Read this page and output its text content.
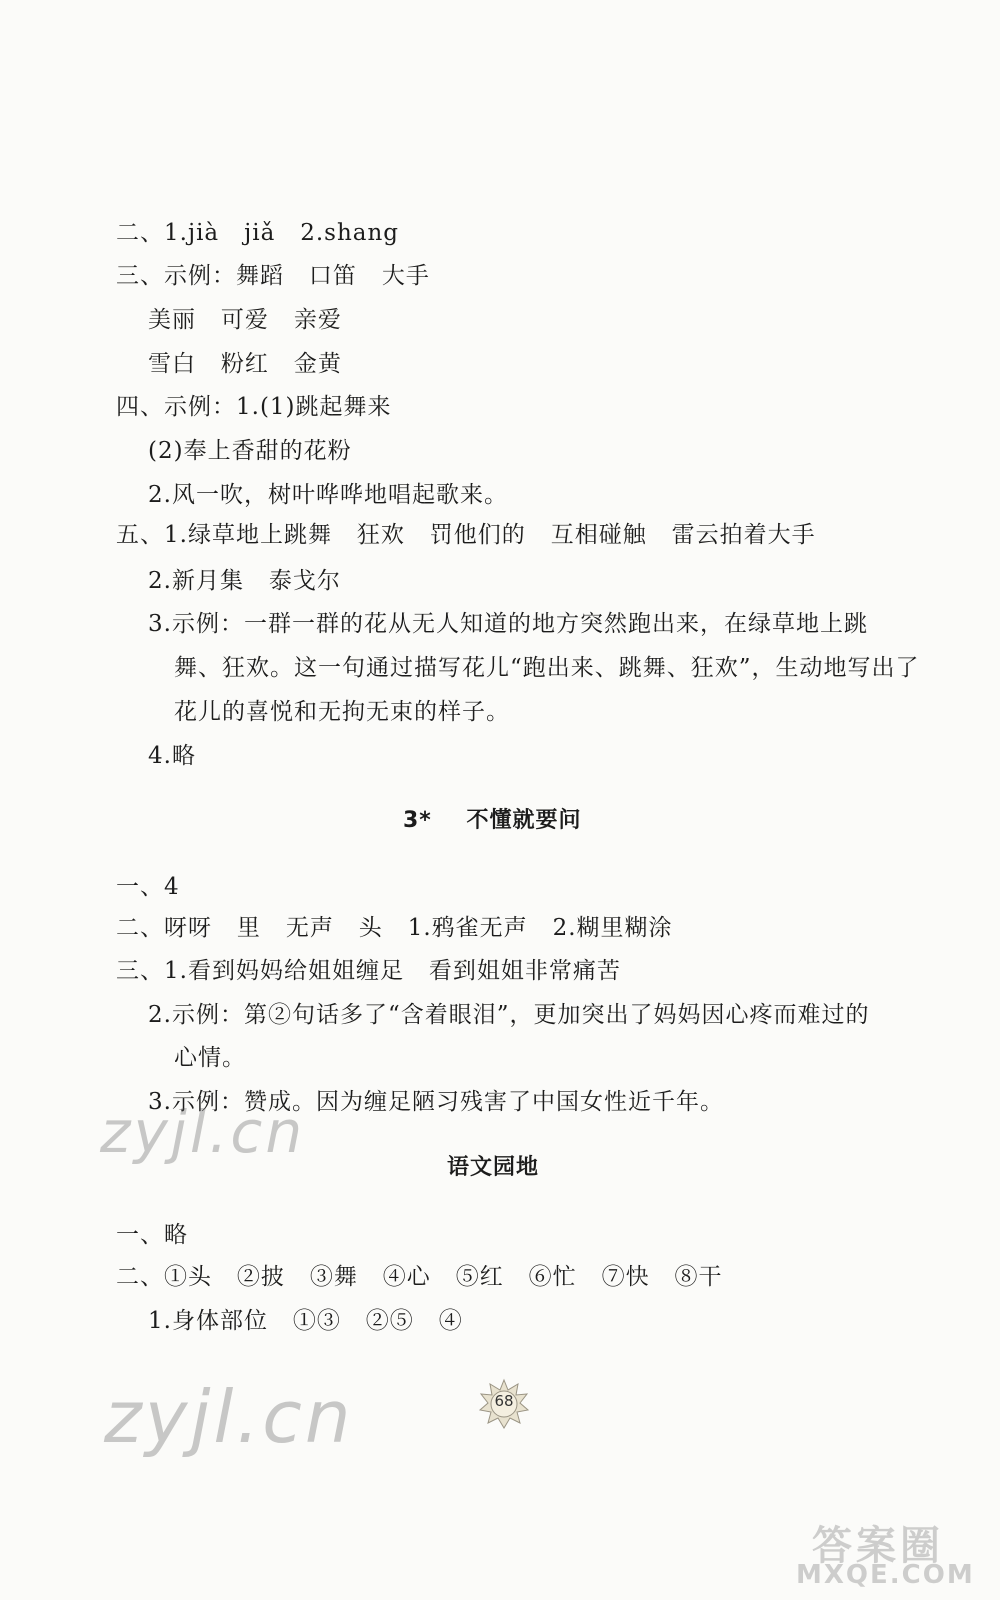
二、1.jià   jiǎ   2.shang
三、示例：舞蹈   口笛   大手
美丽   可爱   亲爱
雪白   粉红   金黄
四、示例：1.(1)跳起舞来
(2)奉上香甜的花粉
2.风一吹，树叶哗哗地唱起歌来。
五、1.绿草地上跳舞   狂欢   罚他们的   互相碰触   雷云拍着大手
2.新月集   泰戈尔
3.示例：一群一群的花从无人知道的地方突然跑出来，在绿草地上跳
舞、狂欢。这一句通过描写花儿“跑出来、跳舞、狂欢”，生动地写出了
花儿的喜悦和无拘无束的样子。
4.略
3*    不懂就要问
一、4
二、呀呀   里   无声   头   1.鸦雀无声   2.糊里糊涂
三、1.看到妈妈给姐姐缠足   看到姐姐非常痛苦
2.示例：第②句话多了“含着眼泪”，更加突出了妈妈因心疼而难过的
心情。
3.示例：赞成。因为缠足陋习残害了中国女性近千年。
语文园地
一、略
二、①头   ②披   ③舞   ④心   ⑤红   ⑥忙   ⑦快   ⑧干
1.身体部位   ①③   ②⑤   ④
zyjl.cn
zyjl.cn	68
答案圈
MXQE.COM
